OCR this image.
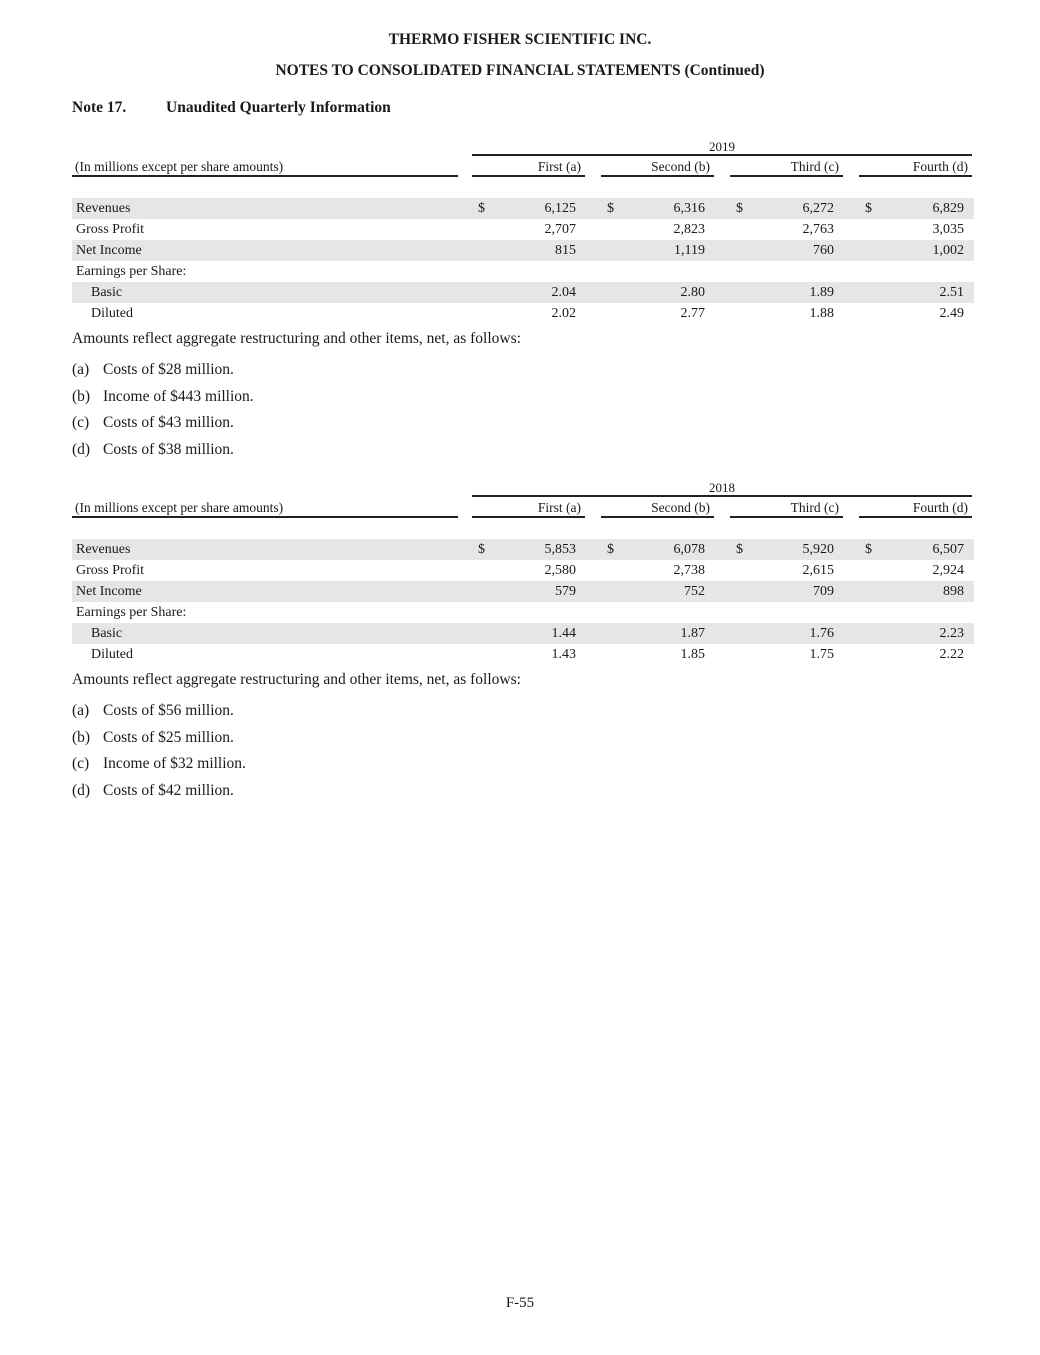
THERMO FISHER SCIENTIFIC INC.
NOTES TO CONSOLIDATED FINANCIAL STATEMENTS (Continued)
Note 17.	Unaudited Quarterly Information
2019
(In millions except per share amounts)	First (a)	Second (b)	Third (c)	Fourth (d)
Revenues	$	6,125 $	6,316 $	6,272 $	6,829
Gross Profit	2,707	2,823	2,763	3,035
Net Income	815	1,119	760	1,002
Earnings per Share:
Basic	2.04	2.80	1.89	2.51
Diluted	2.02	2.77	1.88	2.49
Amounts reflect aggregate restructuring and other items, net, as follows:
(a) Costs of $28 million.
(b) Income of $443 million.
(c) Costs of $43 million.
(d) Costs of $38 million.
2018
(In millions except per share amounts)	First (a)	Second (b)	Third (c)	Fourth (d)
Revenues	$	5,853 $	6,078 $	5,920 $	6,507
Gross Profit	2,580	2,738	2,615	2,924
Net Income	579	752	709	898
Earnings per Share:
Basic	1.44	1.87	1.76	2.23
Diluted	1.43	1.85	1.75	2.22
Amounts reflect aggregate restructuring and other items, net, as follows:
(a) Costs of $56 million.
(b) Costs of $25 million.
(c) Income of $32 million.
(d) Costs of $42 million.
F-55
